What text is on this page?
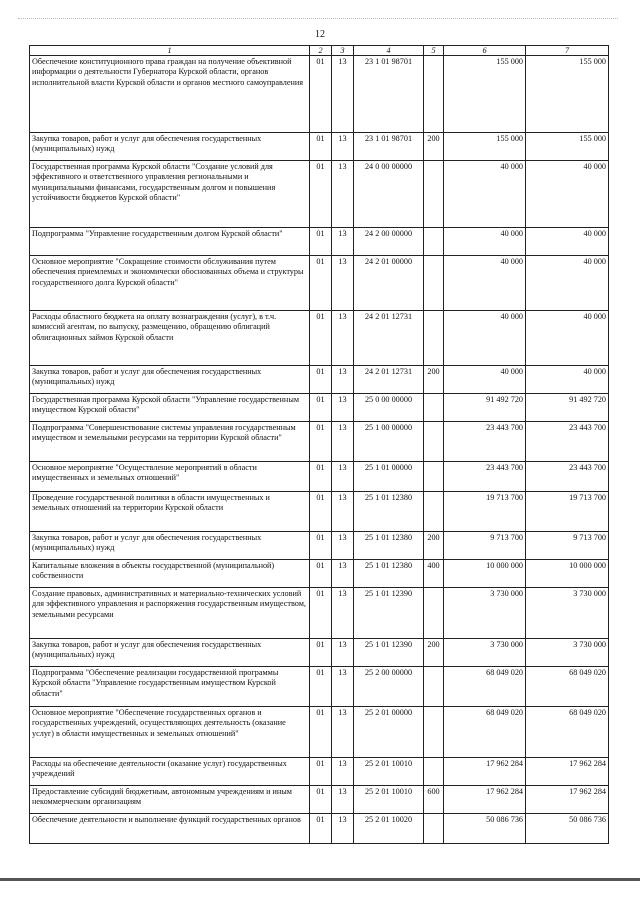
12
1	2	3	4	5	6	7
Обеспечение конституционного права граждан на получение объективной информации о деятельности Губернатора Курской области, органов исполнительной власти Курской области и органов местного самоуправления	01	13	23 1 01 98701		155 000	155 000
Закупка товаров, работ и услуг для обеспечения государственных (муниципальных) нужд	01	13	23 1 01 98701	200	155 000	155 000
Государственная программа Курской области "Создание условий для эффективного и ответственного управления региональными и муниципальными финансами, государственным долгом и повышения устойчивости бюджетов Курской области"	01	13	24 0 00 00000		40 000	40 000
Подпрограмма "Управление государственным долгом Курской области"	01	13	24 2 00 00000		40 000	40 000
Основное мероприятие "Сокращение стоимости обслуживания путем обеспечения приемлемых и экономически обоснованных объема и структуры государственного долга Курской области"	01	13	24 2 01 00000		40 000	40 000
Расходы областного бюджета на оплату вознаграждения (услуг), в т.ч. комиссий агентам, по выпуску, размещению, обращению облигаций облигационных займов Курской области	01	13	24 2 01 12731		40 000	40 000
Закупка товаров, работ и услуг для обеспечения государственных (муниципальных) нужд	01	13	24 2 01 12731	200	40 000	40 000
Государственная программа Курской области "Управление государственным имуществом Курской области"	01	13	25 0 00 00000		91 492 720	91 492 720
Подпрограмма "Совершенствование системы управления государственным имуществом и земельными ресурсами на территории Курской области"	01	13	25 1 00 00000		23 443 700	23 443 700
Основное мероприятие "Осуществление мероприятий в области имущественных и земельных отношений"	01	13	25 1 01 00000		23 443 700	23 443 700
Проведение государственной политики в области имущественных и земельных отношений на территории Курской области	01	13	25 1 01 12380		19 713 700	19 713 700
Закупка товаров, работ и услуг для обеспечения государственных (муниципальных) нужд	01	13	25 1 01 12380	200	9 713 700	9 713 700
Капитальные вложения в объекты государственной (муниципальной) собственности	01	13	25 1 01 12380	400	10 000 000	10 000 000
Создание правовых, административных и материально-технических условий для эффективного управления и распоряжения государственным имуществом, земельными ресурсами	01	13	25 1 01 12390		3 730 000	3 730 000
Закупка товаров, работ и услуг для обеспечения государственных (муниципальных) нужд	01	13	25 1 01 12390	200	3 730 000	3 730 000
Подпрограмма "Обеспечение реализации государственной программы Курской области "Управление государственным имуществом Курской области"	01	13	25 2 00 00000		68 049 020	68 049 020
Основное мероприятие "Обеспечение государственных органов и государственных учреждений, осуществляющих деятельность (оказание услуг) в области имущественных и земельных отношений"	01	13	25 2 01 00000		68 049 020	68 049 020
Расходы на обеспечение деятельности (оказание услуг) государственных учреждений	01	13	25 2 01 10010		17 962 284	17 962 284
Предоставление субсидий бюджетным, автономным учреждениям и иным некоммерческим организациям	01	13	25 2 01 10010	600	17 962 284	17 962 284
Обеспечение деятельности и выполнение функций государственных органов	01	13	25 2 01 10020		50 086 736	50 086 736
